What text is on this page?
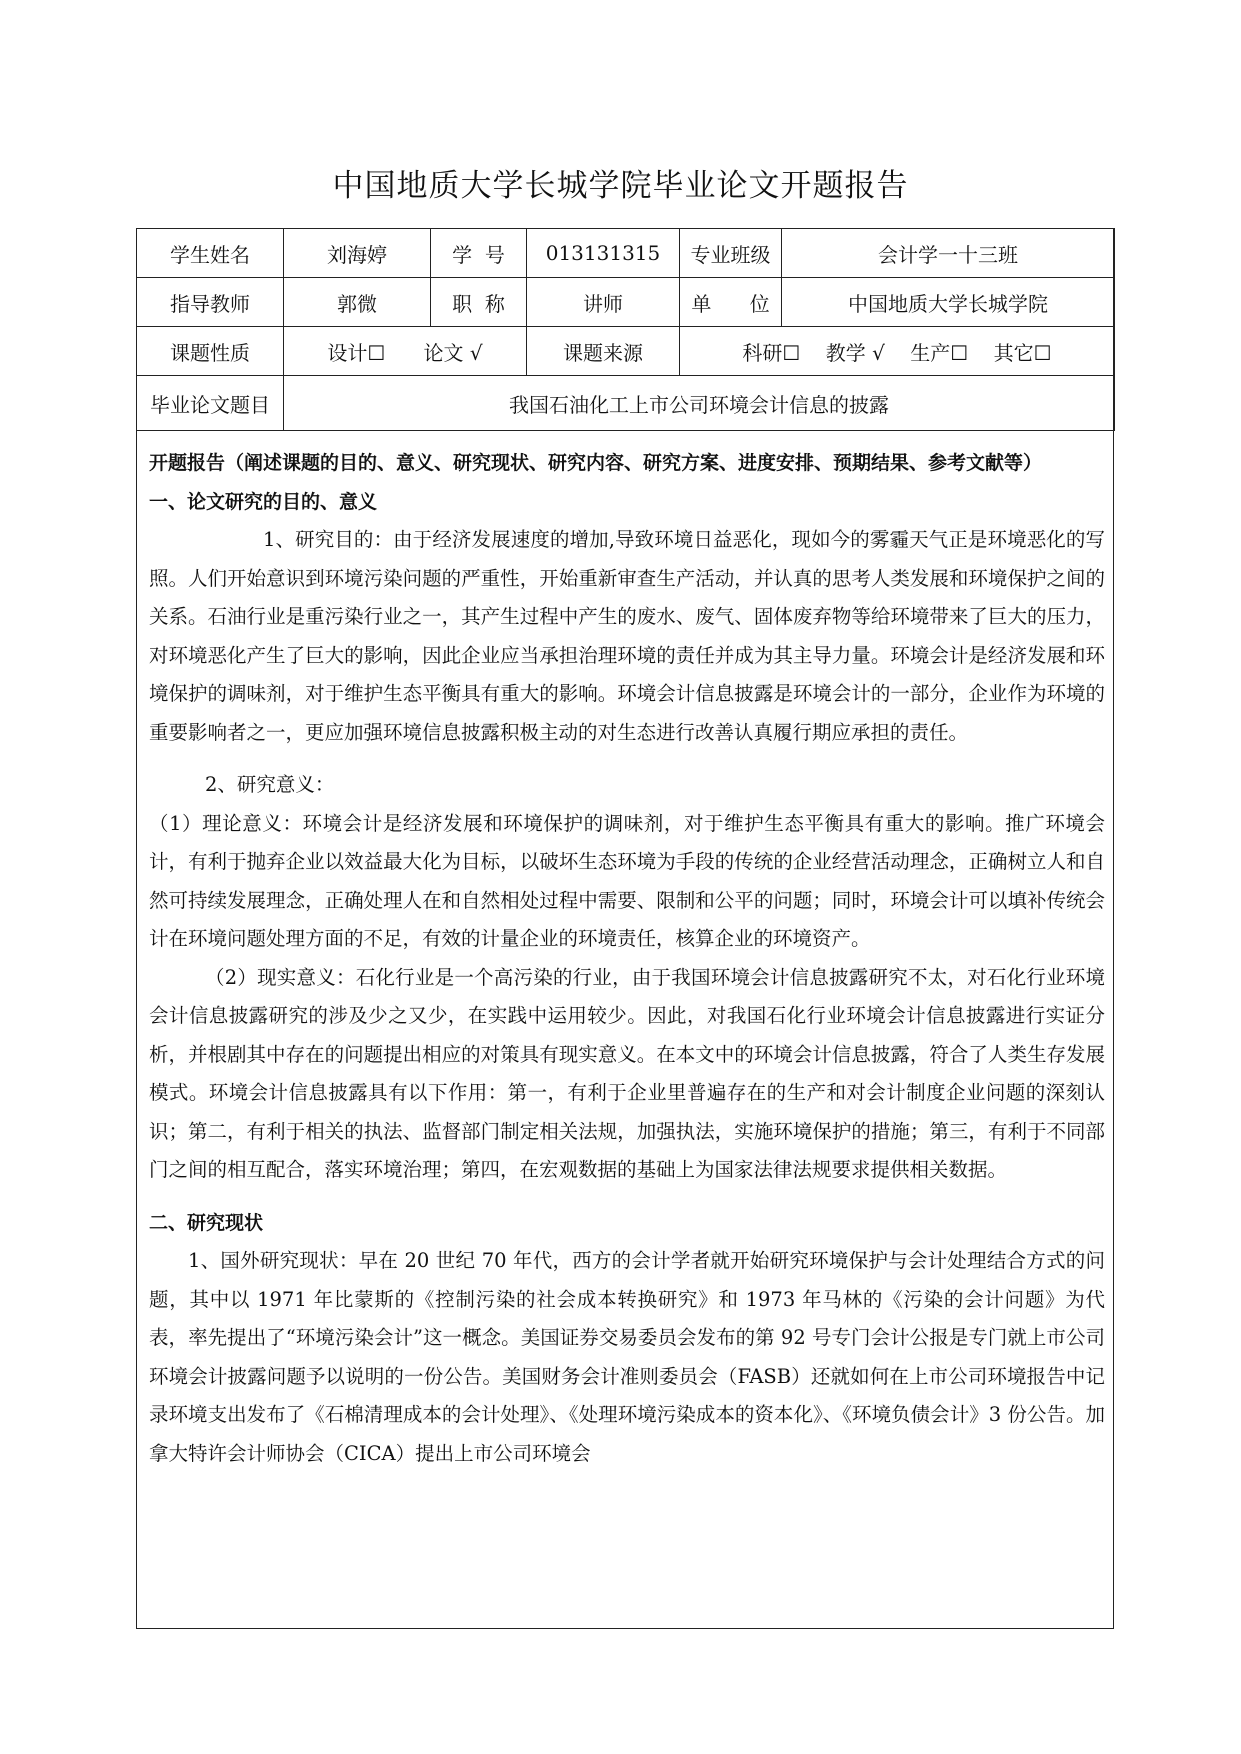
中国地质大学长城学院毕业论文开题报告
学生姓名	刘海婷	学  号	013131315	专业班级	会计学一十三班
指导教师	郭微	职  称	讲师	单      位	中国地质大学长城学院
课题性质	设计☐      论文 √		课题来源	科研☐    教学 √    生产☐    其它☐	
毕业论文题目	我国石油化工上市公司环境会计信息的披露				

开题报告（阐述课题的目的、意义、研究现状、研究内容、研究方案、进度安排、预期结果、参考文献等）

一、论文研究的目的、意义

1、研究目的：由于经济发展速度的增加,导致环境日益恶化，现如今的雾霾天气正是环境恶化的写照。人们开始意识到环境污染问题的严重性，开始重新审查生产活动，并认真的思考人类发展和环境保护之间的关系。石油行业是重污染行业之一，其产生过程中产生的废水、废气、固体废弃物等给环境带来了巨大的压力，对环境恶化产生了巨大的影响，因此企业应当承担治理环境的责任并成为其主导力量。环境会计是经济发展和环境保护的调味剂，对于维护生态平衡具有重大的影响。环境会计信息披露是环境会计的一部分，企业作为环境的重要影响者之一，更应加强环境信息披露积极主动的对生态进行改善认真履行期应承担的责任。

2、研究意义：

（1）理论意义：环境会计是经济发展和环境保护的调味剂，对于维护生态平衡具有重大的影响。推广环境会计，有利于抛弃企业以效益最大化为目标，以破坏生态环境为手段的传统的企业经营活动理念，正确树立人和自然可持续发展理念，正确处理人在和自然相处过程中需要、限制和公平的问题；同时，环境会计可以填补传统会计在环境问题处理方面的不足，有效的计量企业的环境责任，核算企业的环境资产。

（2）现实意义：石化行业是一个高污染的行业，由于我国环境会计信息披露研究不太，对石化行业环境会计信息披露研究的涉及少之又少，在实践中运用较少。因此，对我国石化行业环境会计信息披露进行实证分析，并根剧其中存在的问题提出相应的对策具有现实意义。在本文中的环境会计信息披露，符合了人类生存发展模式。环境会计信息披露具有以下作用：第一，有利于企业里普遍存在的生产和对会计制度企业问题的深刻认识；第二，有利于相关的执法、监督部门制定相关法规，加强执法，实施环境保护的措施；第三，有利于不同部门之间的相互配合，落实环境治理；第四，在宏观数据的基础上为国家法律法规要求提供相关数据。

二、研究现状

1、国外研究现状：早在 20 世纪 70 年代，西方的会计学者就开始研究环境保护与会计处理结合方式的问题，其中以 1971 年比蒙斯的《控制污染的社会成本转换研究》和 1973 年马林的《污染的会计问题》为代表，率先提出了“环境污染会计”这一概念。美国证券交易委员会发布的第 92 号专门会计公报是专门就上市公司环境会计披露问题予以说明的一份公告。美国财务会计准则委员会（FASB）还就如何在上市公司环境报告中记录环境支出发布了《石棉清理成本的会计处理》、《处理环境污染成本的资本化》、《环境负债会计》3 份公告。加拿大特许会计师协会（CICA）提出上市公司环境会
